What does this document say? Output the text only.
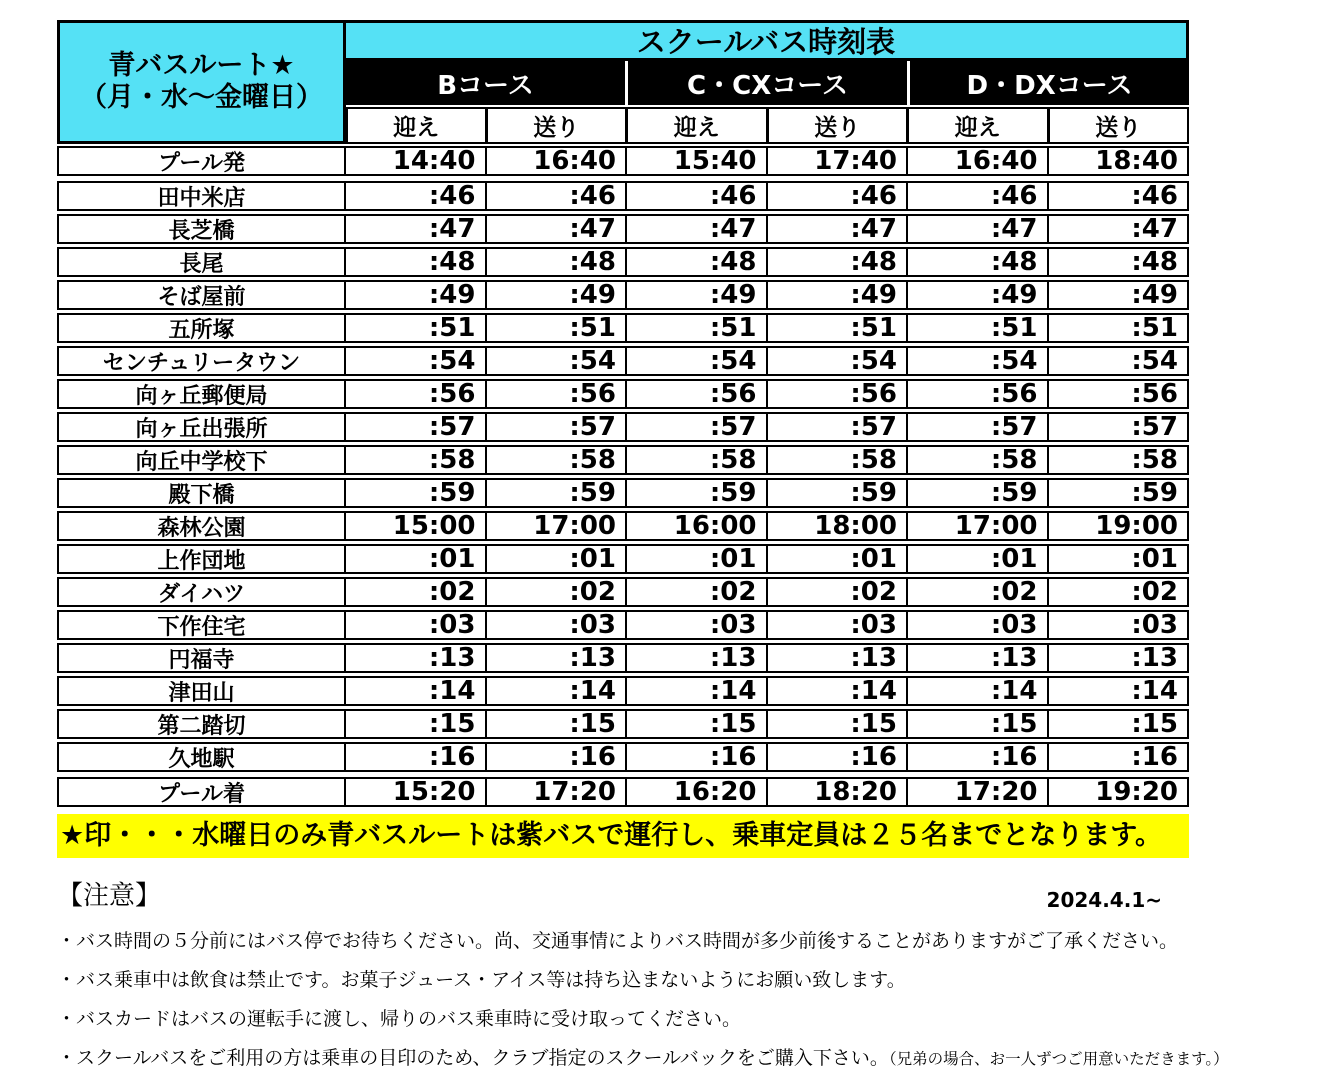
青バスルート★
（月・水～金曜日）
スクールバス時刻表
Bコース	C・CXコース	D・DXコース
迎え	送り	迎え	送り	迎え	送り
プール発	14:40	16:40	15:40	17:40	16:40	18:40
田中米店	:46	:46	:46	:46	:46	:46
長芝橋	:47	:47	:47	:47	:47	:47
長尾	:48	:48	:48	:48	:48	:48
そば屋前	:49	:49	:49	:49	:49	:49
五所塚	:51	:51	:51	:51	:51	:51
センチュリータウン	:54	:54	:54	:54	:54	:54
向ヶ丘郵便局	:56	:56	:56	:56	:56	:56
向ヶ丘出張所	:57	:57	:57	:57	:57	:57
向丘中学校下	:58	:58	:58	:58	:58	:58
殿下橋	:59	:59	:59	:59	:59	:59
森林公園	15:00	17:00	16:00	18:00	17:00	19:00
上作団地	:01	:01	:01	:01	:01	:01
ダイハツ	:02	:02	:02	:02	:02	:02
下作住宅	:03	:03	:03	:03	:03	:03
円福寺	:13	:13	:13	:13	:13	:13
津田山	:14	:14	:14	:14	:14	:14
第二踏切	:15	:15	:15	:15	:15	:15
久地駅	:16	:16	:16	:16	:16	:16
プール着	15:20	17:20	16:20	18:20	17:20	19:20
★印・・・水曜日のみ青バスルートは紫バスで運行し、乗車定員は２５名までとなります。
【注意】	2024.4.1~
・バス時間の５分前にはバス停でお待ちください。尚、交通事情によりバス時間が多少前後することがありますがご了承ください。
・バス乗車中は飲食は禁止です。お菓子ジュース・アイス等は持ち込まないようにお願い致します。
・バスカードはバスの運転手に渡し、帰りのバス乗車時に受け取ってください。
・スクールバスをご利用の方は乗車の目印のため、クラブ指定のスクールバックをご購入下さい。（兄弟の場合、お一人ずつご用意いただきます。）
